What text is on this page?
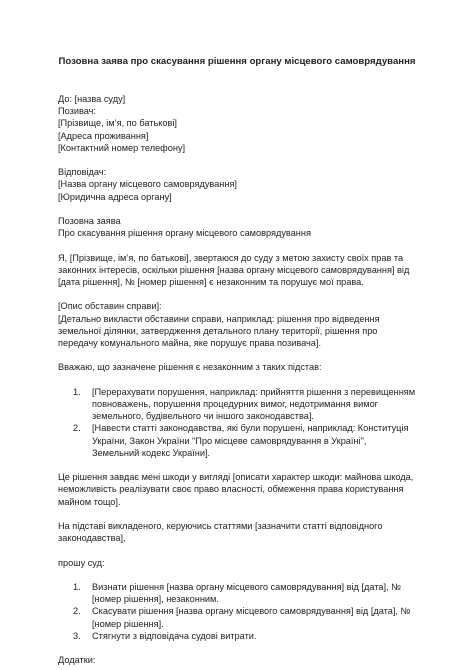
Позовна заява про скасування рішення органу місцевого самоврядування
До: [назва суду]
Позивач:
[Прізвище, ім’я, по батькові]
[Адреса проживання]
[Контактний номер телефону]
Відповідач:
[Назва органу місцевого самоврядування]
[Юридична адреса органу]
Позовна заява
Про скасування рішення органу місцевого самоврядування
Я, [Прізвище, ім’я, по батькові], звертаюся до суду з метою захисту своїх прав та законних інтересів, оскільки рішення [назва органу місцевого самоврядування] від [дата рішення], № [номер рішення] є незаконним та порушує мої права.
[Опис обставин справи]:
[Детально викласти обставини справи, наприклад: рішення про відведення земельної ділянки, затвердження детального плану території, рішення про передачу комунального майна, яке порушує права позивача].
Вважаю, що зазначене рішення є незаконним з таких підстав:
1. [Перерахувати порушення, наприклад: прийняття рішення з перевищенням повноважень, порушення процедурних вимог, недотримання вимог земельного, будівельного чи іншого законодавства].
2. [Навести статті законодавства, які були порушені, наприклад: Конституція України, Закон України "Про місцеве самоврядування в Україні", Земельний кодекс України].
Це рішення завдає мені шкоди у вигляді [описати характер шкоди: майнова шкода, неможливість реалізувати своє право власності, обмеження права користування майном тощо].
На підставі викладеного, керуючись статтями [зазначити статті відповідного законодавства],
прошу суд:
1. Визнати рішення [назва органу місцевого самоврядування] від [дата], № [номер рішення], незаконним.
2. Скасувати рішення [назва органу місцевого самоврядування] від [дата], № [номер рішення].
3. Стягнути з відповідача судові витрати.
Додатки:
